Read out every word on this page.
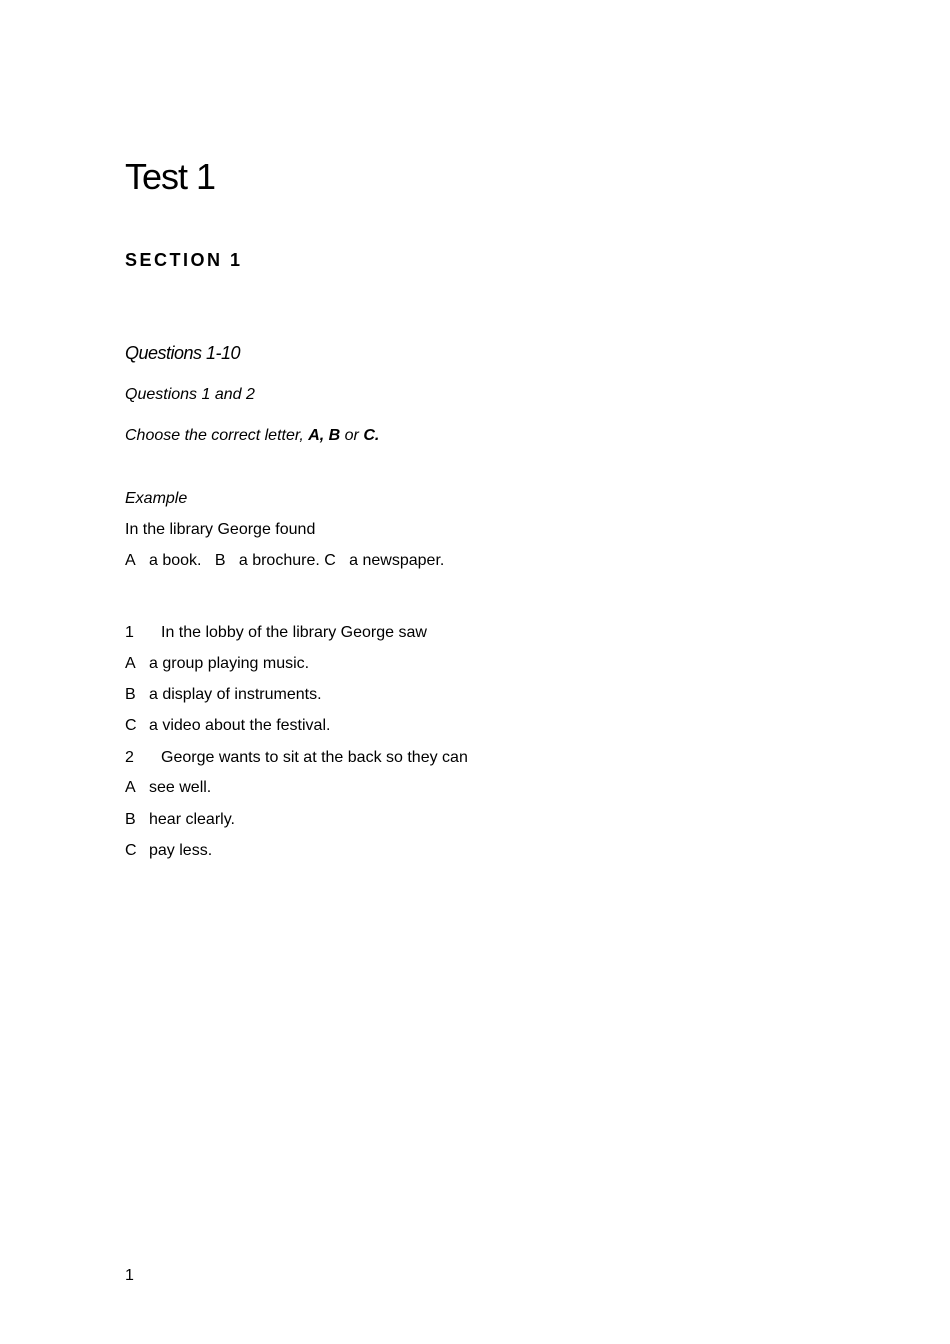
Test 1
SECTION 1
Questions 1-10
Questions 1 and 2
Choose the correct letter, A, B or C.
Example
In the library George found
A a book. B a brochure. C a newspaper.
1 In the lobby of the library George saw
A a group playing music.
B a display of instruments.
C a video about the festival.
2 George wants to sit at the back so they can
A see well.
B hear clearly.
C pay less.
1
